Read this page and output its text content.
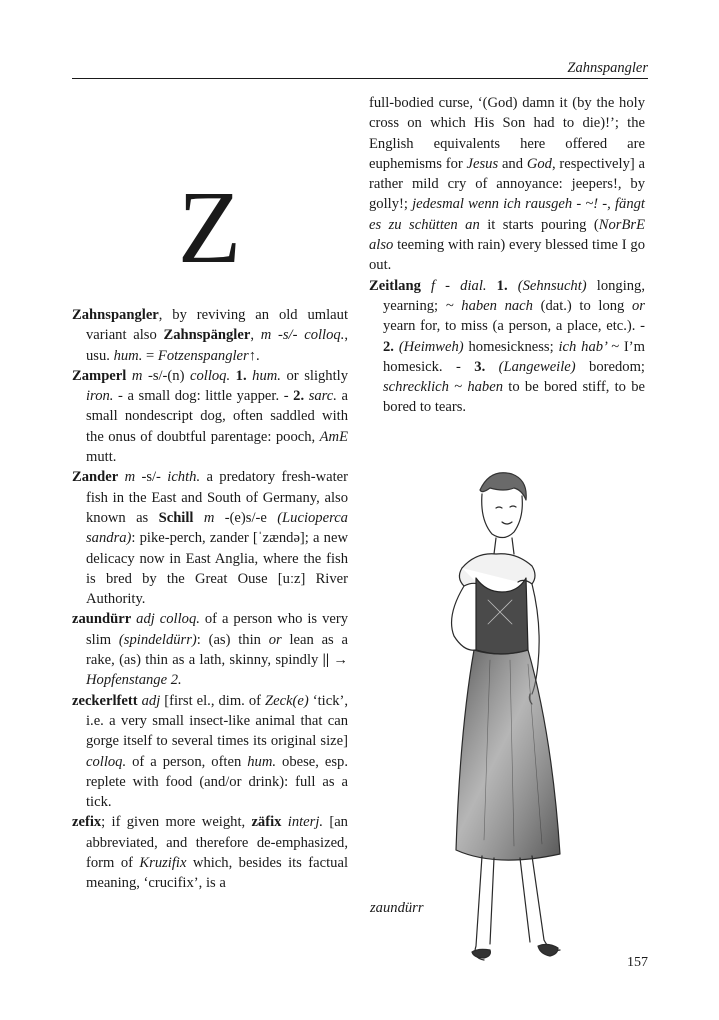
Zahnspangler
Z

Zahnspangler, by reviving an old umlaut variant also Zahnspängler, m -s/- colloq., usu. hum. = Fotzenspangler↑.

Zamperl m -s/-(n) colloq. 1. hum. or slightly iron. - a small dog: little yapper. - 2. sarc. a small nondescript dog, often saddled with the onus of doubtful parentage: pooch, AmE mutt.

Zander m -s/- ichth. a predatory fresh-water fish in the East and South of Germany, also known as Schill m -(e)s/-e (Lucioperca sandra): pike-perch, zander [ˈzændə]; a new delicacy now in East Anglia, where the fish is bred by the Great Ouse [uːz] River Authority.

zaundürr adj colloq. of a person who is very slim (spindeldürr): (as) thin or lean as a rake, (as) thin as a lath, skinny, spindly || → Hopfenstange 2.

zeckerlfett adj [first el., dim. of Zeck(e) ‘tick’, i.e. a very small insect-like animal that can gorge itself to several times its original size] colloq. of a person, often hum. obese, esp. replete with food (and/or drink): full as a tick.

zefix; if given more weight, zäfix interj. [an abbreviated, and therefore de-emphasized, form of Kruzifix which, besides its factual meaning, ‘crucifix’, is a

full-bodied curse, ‘(God) damn it (by the holy cross on which His Son had to die)!’; the English equivalents here offered are euphemisms for Jesus and God, respectively] a rather mild cry of annoyance: jeepers!, by golly!; jedesmal wenn ich rausgeh - ~! -, fängt es zu schütten an it starts pouring (NorBrE also teeming with rain) every blessed time I go out.

Zeitlang f - dial. 1. (Sehnsucht) longing, yearning; ~ haben nach (dat.) to long or yearn for, to miss (a person, a place, etc.). - 2. (Heimweh) homesickness; ich hab’ ~ I’m homesick. - 3. (Langeweile) boredom; schrecklich ~ haben to be bored stiff, to be bored to tears.

zaundürr
157
